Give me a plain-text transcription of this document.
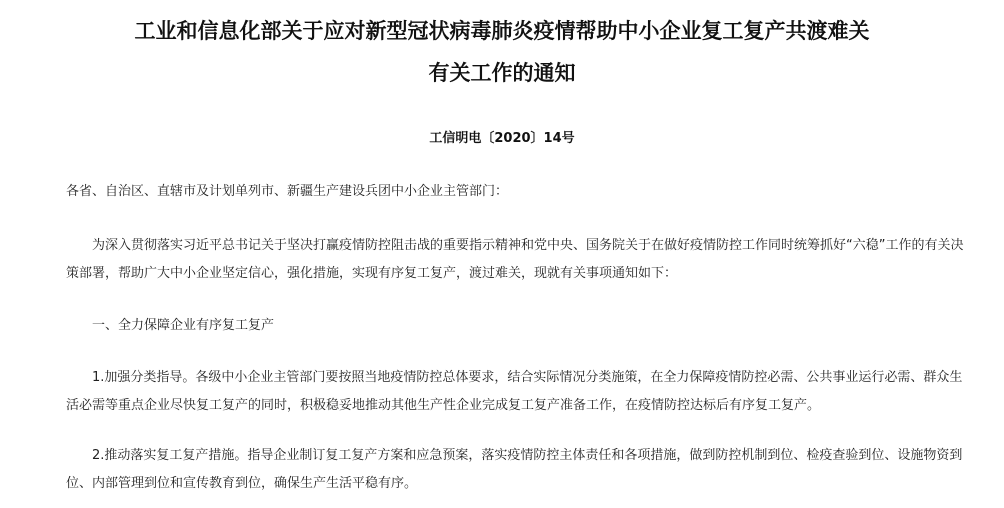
工业和信息化部关于应对新型冠状病毒肺炎疫情帮助中小企业复工复产共渡难关
有关工作的通知
工信明电〔2020〕14号
各省、自治区、直辖市及计划单列市、新疆生产建设兵团中小企业主管部门：
为深入贯彻落实习近平总书记关于坚决打赢疫情防控阻击战的重要指示精神和党中央、国务院关于在做好疫情防控工作同时统筹抓好“六稳”工作的有关决策部署，帮助广大中小企业坚定信心，强化措施，实现有序复工复产，渡过难关，现就有关事项通知如下：
一、全力保障企业有序复工复产
1.加强分类指导。各级中小企业主管部门要按照当地疫情防控总体要求，结合实际情况分类施策，在全力保障疫情防控必需、公共事业运行必需、群众生活必需等重点企业尽快复工复产的同时，积极稳妥地推动其他生产性企业完成复工复产准备工作，在疫情防控达标后有序复工复产。
2.推动落实复工复产措施。指导企业制订复工复产方案和应急预案，落实疫情防控主体责任和各项措施，做到防控机制到位、检疫查验到位、设施物资到位、内部管理到位和宣传教育到位，确保生产生活平稳有序。
